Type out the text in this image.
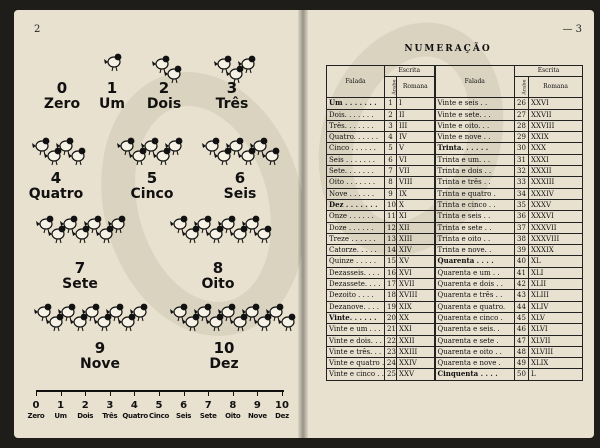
2
0
Zero
1
Um
2
Dois
3
Três
4
Quatro
5
Cinco
6
Seis
7
Sete
8
Oito
9
Nove
10
Dez
0
Zero
1
Um
2
Dois
3
Três
4
Quatro
5
Cinco
6
Seis
7
Sete
8
Oito
9
Nove
10
Dez
— 3
NUMERAÇÃO
Falada	Escrita		Falada	Escrita	
	Árabe	Romana		Árabe	Romana
Um . . . . . . .	1	I	Vinte e seis . .	26	XXVI
Dois. . . . . . .	2	II	Vinte e sete. . .	27	XXVII
Três. . . . . . .	3	III	Vinte e oito. . .	28	XXVIII
Quatro. . . . . .	4	IV	Vinte e nove . .	29	XXIX
Cinco . . . . . .	5	V	Trinta. . . . . .	30	XXX
Seis . . . . . . .	6	VI	Trinta e um. . .	31	XXXI
Sete. . . . . . .	7	VII	Trinta e dois . .	32	XXXII
Oito . . . . . . .	8	VIII	Trinta e três . .	33	XXXIII
Nove . . . . . .	9	IX	Trinta e quatro .	34	XXXIV
Dez . . . . . . .	10	X	Trinta e cinco . .	35	XXXV
Onze . . . . . .	11	XI	Trinta e seis . .	36	XXXVI
Doze . . . . . .	12	XII	Trinta e sete . .	37	XXXVII
Treze . . . . . .	13	XIII	Trinta e oito . .	38	XXXVIII
Catorze. . . . .	14	XIV	Trinta e nove. .	39	XXXIX
Quinze . . . . .	15	XV	Quarenta . . . .	40	XL
Dezasseis. . . .	16	XVI	Quarenta e um . .	41	XLI
Dezassete. . . .	17	XVII	Quarenta e dois . .	42	XLII
Dezoito . . . .	18	XVIII	Quarenta e três . .	43	XLIII
Dezanove. . . .	19	XIX	Quarenta e quatro.	44	XLIV
Vinte. . . . . .	20	XX	Quarenta e cinco .	45	XLV
Vinte e um . . .	21	XXI	Quarenta e seis. .	46	XLVI
Vinte e dois. . .	22	XXII	Quarenta e sete .	47	XLVII
Vinte e três. . .	23	XXIII	Quarenta e oito . .	48	XLVIII
Vinte e quatro . .	24	XXIV	Quarenta e nove .	49	XLIX
Vinte e cinco . .	25	XXV	Cinquenta . . . .	50	L
